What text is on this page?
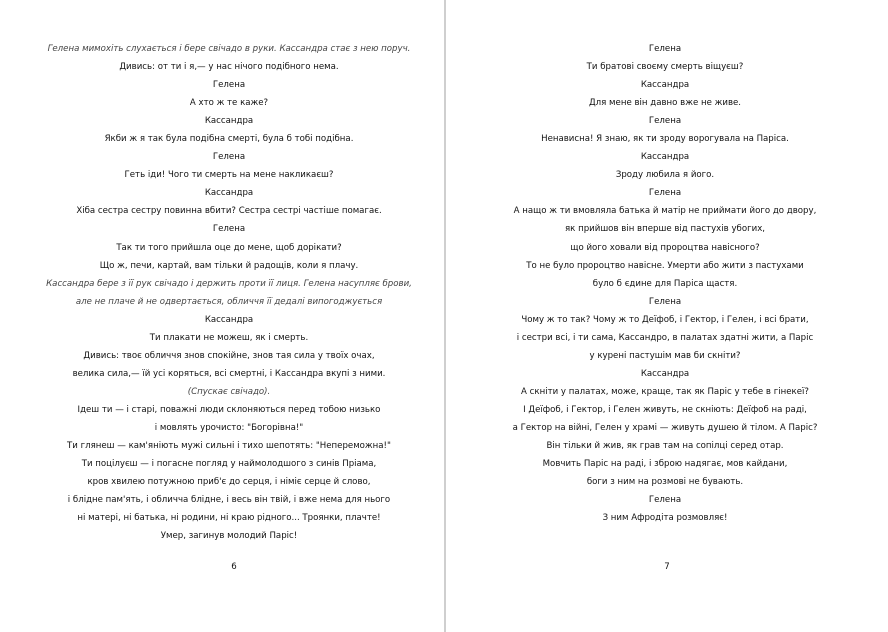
Гелена мимохіть слухається і бере свічадо в руки. Кассандра стає з нею поруч.
Дивись: от ти і я,— у нас нічого подібного нема.
Гелена
А хто ж те каже?
Кассандра
Якби ж я так була подібна смерті, була б тобі подібна.
Гелена
Геть іди! Чого ти смерть на мене накликаєш?
Кассандра
Хіба сестра сестру повинна вбити? Сестра сестрі частіше помагає.
Гелена
Так ти того прийшла оце до мене, щоб дорікати?
Що ж, печи, картай, вам тільки й радощів, коли я плачу.
Кассандра бере з її рук свічадо і держить проти її лиця. Гелена насупляє брови,
але не плаче й не одвертається, обличчя її дедалі випогоджується
Кассандра
Ти плакати не можеш, як і смерть.
Дивись: твоє обличчя знов спокійне, знов тая сила у твоїх очах,
велика сила,— їй усі коряться, всі смертні, і Кассандра вкупі з ними.
(Спускає свічадо).
Ідеш ти — і старі, поважні люди склоняються перед тобою низько
і мовлять урочисто: "Богорівна!"
Ти глянеш — кам'яніють мужі сильні і тихо шепотять: "Непереможна!"
Ти поцілуєш — і погасне погляд у наймолодшого з синів Пріама,
кров хвилею потужною приб'є до серця, і німіє серце й слово,
і блідне пам'ять, і обличча блідне, і весь він твій, і вже нема для нього
ні матері, ні батька, ні родини, ні краю рідного... Троянки, плачте!
Умер, загинув молодий Паріс!
6
Гелена
Ти братові своєму смерть віщуєш?
Кассандра
Для мене він давно вже не живе.
Гелена
Ненависна! Я знаю, як ти зроду ворогувала на Паріса.
Кассандра
Зроду любила я його.
Гелена
А нащо ж ти вмовляла батька й матір не приймати його до двору,
як прийшов він вперше від пастухів убогих,
що його ховали від пророцтва навісного?
То не було пророцтво навісне. Умерти або жити з пастухами
було б єдине для Паріса щастя.
Гелена
Чому ж то так? Чому ж то Деїфоб, і Гектор, і Гелен, і всі брати,
і сестри всі, і ти сама, Кассандро, в палатах здатні жити, а Паріс
у курені пастушім мав би скніти?
Кассандра
А скніти у палатах, може, краще, так як Паріс у тебе в гінекеї?
І Деїфоб, і Гектор, і Гелен живуть, не скніють: Деїфоб на раді,
а Гектор на війні, Гелен у храмі — живуть душею й тілом. А Паріс?
Він тільки й жив, як грав там на сопілці серед отар.
Мовчить Паріс на раді, і зброю надягає, мов кайдани,
боги з ним на розмові не бувають.
Гелена
З ним Афродіта розмовляє!
7
